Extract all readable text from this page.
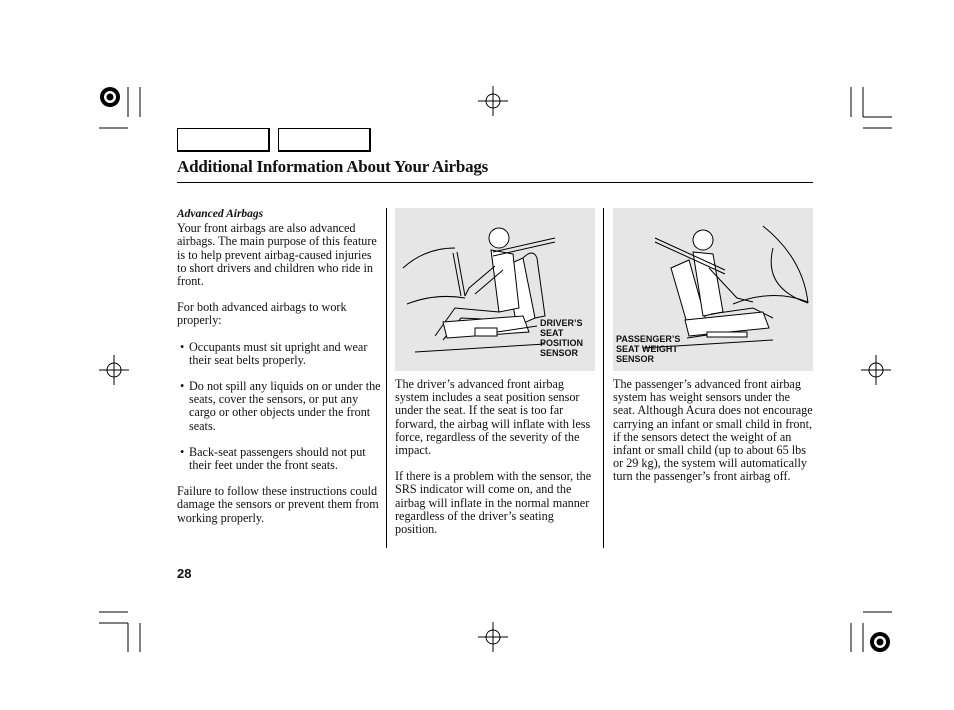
Additional Information About Your Airbags

Advanced Airbags

Your front airbags are also advanced airbags. The main purpose of this feature is to help prevent airbag-caused injuries to short drivers and children who ride in front.

For both advanced airbags to work properly:

• Occupants must sit upright and wear their seat belts properly.
• Do not spill any liquids on or under the seats, cover the sensors, or put any cargo or other objects under the front seats.
• Back-seat passengers should not put their feet under the front seats.

Failure to follow these instructions could damage the sensors or prevent them from working properly.

DRIVER’S
SEAT
POSITION
SENSOR

The driver’s advanced front airbag system includes a seat position sensor under the seat. If the seat is too far forward, the airbag will inflate with less force, regardless of the severity of the impact.

If there is a problem with the sensor, the SRS indicator will come on, and the airbag will inflate in the normal manner regardless of the driver’s seating position.

PASSENGER’S
SEAT WEIGHT
SENSOR

The passenger’s advanced front airbag system has weight sensors under the seat. Although Acura does not encourage carrying an infant or small child in front, if the sensors detect the weight of an infant or small child (up to about 65 lbs or 29 kg), the system will automatically turn the passenger’s front airbag off.

28
